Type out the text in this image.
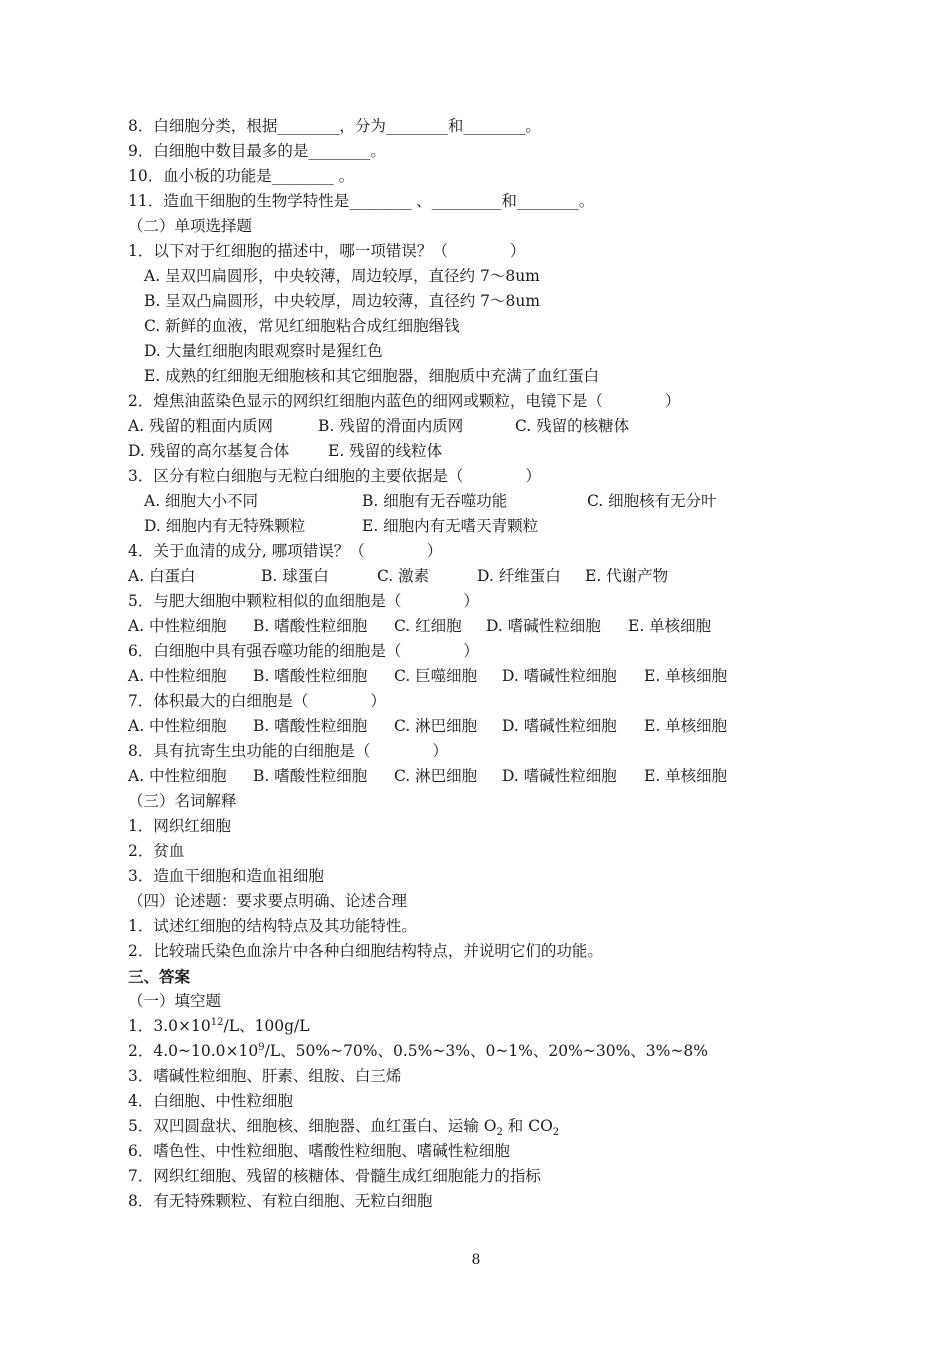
8．白细胞分类，根据________，分为________和________。
9．白细胞中数目最多的是________。
10．血小板的功能是________ 。
11．造血干细胞的生物学特性是________ 、_________和________。
（二）单项选择题
1．以下对于红细胞的描述中，哪一项错误？（　　　　）
A. 呈双凹扁圆形，中央较薄，周边较厚，直径约 7～8um
B. 呈双凸扁圆形，中央较厚，周边较薄，直径约 7～8um
C. 新鲜的血液，常见红细胞粘合成红细胞缗钱
D. 大量红细胞肉眼观察时是猩红色
E. 成熟的红细胞无细胞核和其它细胞器，细胞质中充满了血红蛋白
2．煌焦油蓝染色显示的网织红细胞内蓝色的细网或颗粒，电镜下是（　　　　）
A. 残留的粗面内质网	B. 残留的滑面内质网	C. 残留的核糖体
D. 残留的高尔基复合体	E. 残留的线粒体
3．区分有粒白细胞与无粒白细胞的主要依据是（　　　　）
A. 细胞大小不同	B. 细胞有无吞噬功能	C. 细胞核有无分叶
D. 细胞内有无特殊颗粒	E. 细胞内有无嗜天青颗粒
4．关于血清的成分, 哪项错误？（　　　　）
A. 白蛋白	B. 球蛋白	C. 激素	D. 纤维蛋白 E. 代谢产物
5．与肥大细胞中颗粒相似的血细胞是（　　　　）
A. 中性粒细胞 B. 嗜酸性粒细胞 C. 红细胞 D. 嗜碱性粒细胞 E. 单核细胞
6．白细胞中具有强吞噬功能的细胞是（　　　　）
A. 中性粒细胞 B. 嗜酸性粒细胞 C. 巨噬细胞 D. 嗜碱性粒细胞 E. 单核细胞
7．体积最大的白细胞是（　　　　）
A. 中性粒细胞 B. 嗜酸性粒细胞 C. 淋巴细胞 D. 嗜碱性粒细胞 E. 单核细胞
8．具有抗寄生虫功能的白细胞是（　　　　）
A. 中性粒细胞 B. 嗜酸性粒细胞 C. 淋巴细胞 D. 嗜碱性粒细胞 E. 单核细胞
（三）名词解释
1．网织红细胞
2．贫血
3．造血干细胞和造血祖细胞
（四）论述题：要求要点明确、论述合理
1．试述红细胞的结构特点及其功能特性。
2．比较瑞氏染色血涂片中各种白细胞结构特点，并说明它们的功能。
三、答案
（一）填空题
1．$3.0\times 10^{12}/L$、100g/L
2．$4.0\sim 10.0\times 10^9/L$、50%~70%、0.5%~3%、0~1%、20%~30%、3%~8%
3．嗜碱性粒细胞、肝素、组胺、白三烯
4．白细胞、中性粒细胞
5．双凹圆盘状、细胞核、细胞器、血红蛋白、运输 $O_2$ 和 $CO_2$
6．嗜色性、中性粒细胞、嗜酸性粒细胞、嗜碱性粒细胞
7．网织红细胞、残留的核糖体、骨髓生成红细胞能力的指标
8．有无特殊颗粒、有粒白细胞、无粒白细胞
8
